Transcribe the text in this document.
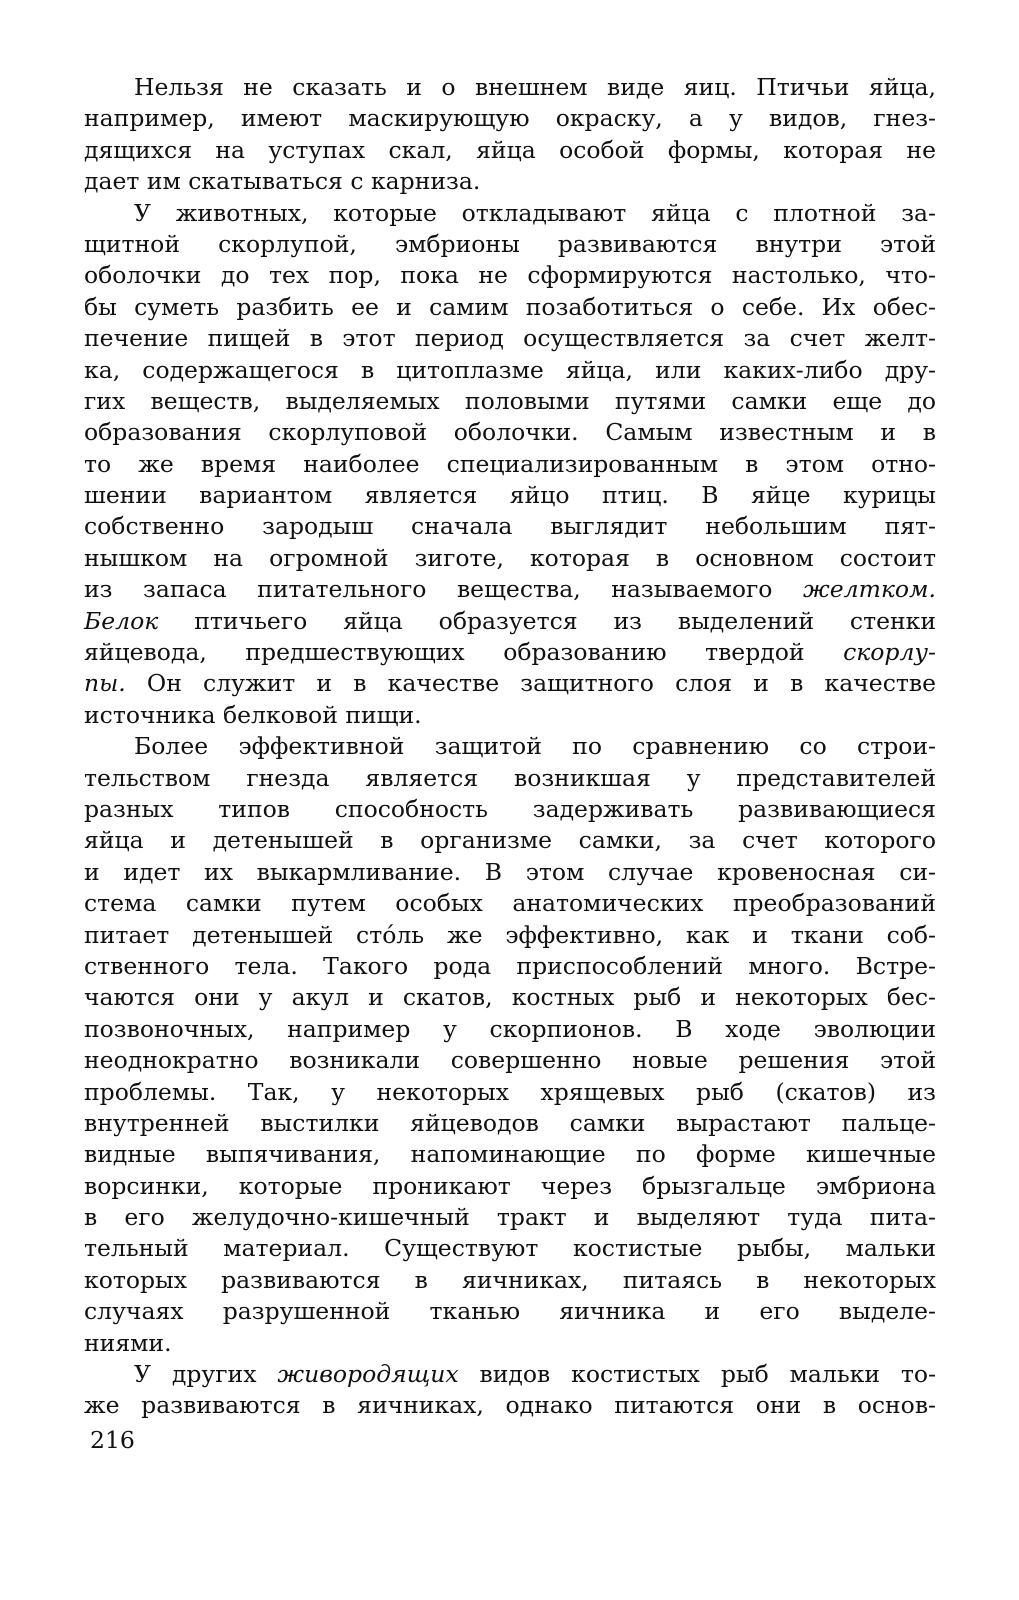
Нельзя не сказать и о внешнем виде яиц. Птичьи яйца,
например, имеют маскирующую окраску, а у видов, гнез-
дящихся на уступах скал, яйца особой формы, которая не
дает им скатываться с карниза.
У животных, которые откладывают яйца с плотной за-
щитной скорлупой, эмбрионы развиваются внутри этой
оболочки до тех пор, пока не сформируются настолько, что-
бы суметь разбить ее и самим позаботиться о себе. Их обес-
печение пищей в этот период осуществляется за счет желт-
ка, содержащегося в цитоплазме яйца, или каких-либо дру-
гих веществ, выделяемых половыми путями самки еще до
образования скорлуповой оболочки. Самым известным и в
то же время наиболее специализированным в этом отно-
шении вариантом является яйцо птиц. В яйце курицы
собственно зародыш сначала выглядит небольшим пят-
нышком на огромной зиготе, которая в основном состоит
из запаса питательного вещества, называемого желтком.
Белок птичьего яйца образуется из выделений стенки
яйцевода, предшествующих образованию твердой скорлу-
пы. Он служит и в качестве защитного слоя и в качестве
источника белковой пищи.
Более эффективной защитой по сравнению со строи-
тельством гнезда является возникшая у представителей
разных типов способность задерживать развивающиеся
яйца и детенышей в организме самки, за счет которого
и идет их выкармливание. В этом случае кровеносная си-
стема самки путем особых анатомических преобразований
питает детенышей сто́ль же эффективно, как и ткани соб-
ственного тела. Такого рода приспособлений много. Встре-
чаются они у акул и скатов, костных рыб и некоторых бес-
позвоночных, например у скорпионов. В ходе эволюции
неоднократно возникали совершенно новые решения этой
проблемы. Так, у некоторых хрящевых рыб (скатов) из
внутренней выстилки яйцеводов самки вырастают пальце-
видные выпячивания, напоминающие по форме кишечные
ворсинки, которые проникают через брызгальце эмбриона
в его желудочно-кишечный тракт и выделяют туда пита-
тельный материал. Существуют костистые рыбы, мальки
которых развиваются в яичниках, питаясь в некоторых
случаях разрушенной тканью яичника и его выделе-
ниями.
У других живородящих видов костистых рыб мальки то-
же развиваются в яичниках, однако питаются они в основ-
216
